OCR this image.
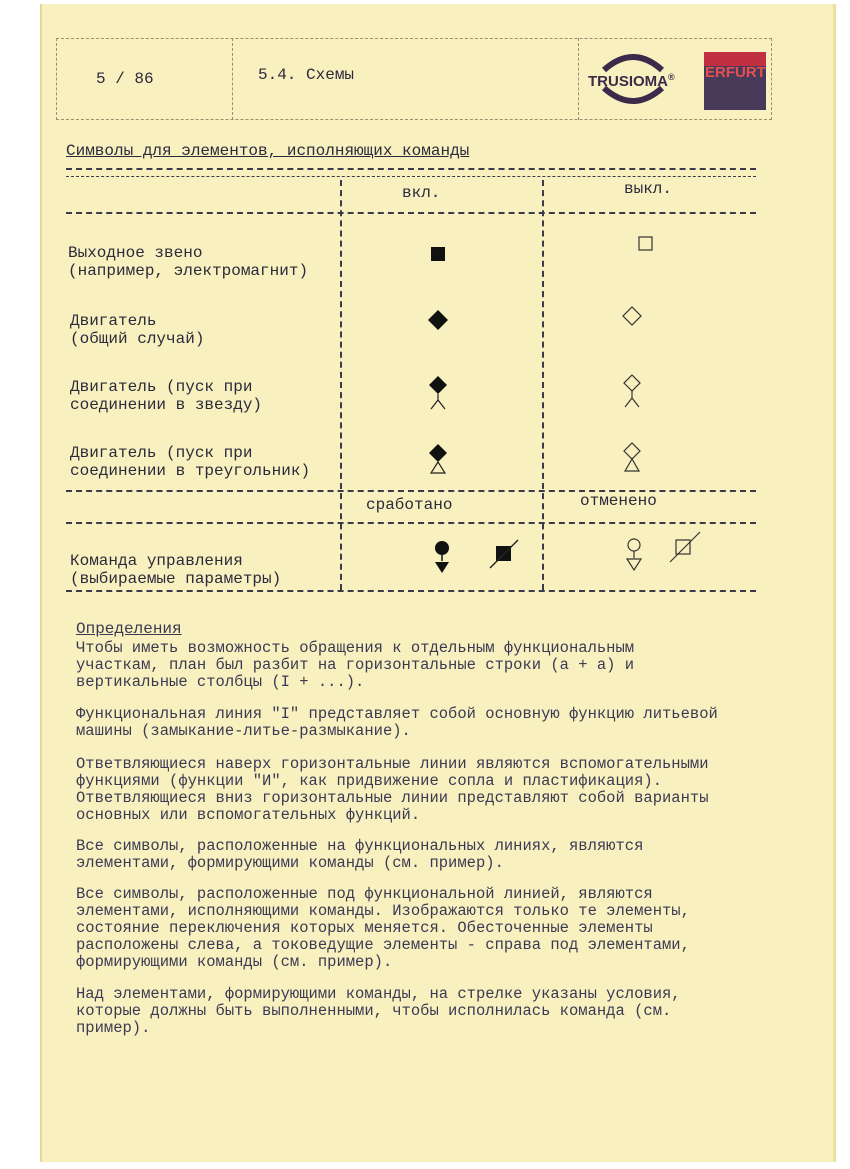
5 / 86	5.4. Схемы	TRUSIOMA® ERFURT
Символы для элементов, исполняющих команды
вкл.	выкл.
Выходное звено
(например, электромагнит)
Двигатель
(общий случай)
Двигатель (пуск при
соединении в звезду)
Двигатель (пуск при
соединении в треугольник)
сработано	отменено
Команда управления
(выбираемые параметры)
Определения
Чтобы иметь возможность обращения к отдельным функциональным
участкам, план был разбит на горизонтальные строки (а + а) и
вертикальные столбцы (I + ...).
Функциональная линия "I" представляет собой основную функцию литьевой
машины (замыкание-литье-размыкание).
Ответвляющиеся наверх горизонтальные линии являются вспомогательными
функциями (функции "И", как придвижение сопла и пластификация).
Ответвляющиеся вниз горизонтальные линии представляют собой варианты
основных или вспомогательных функций.
Все символы, расположенные на функциональных линиях, являются
элементами, формирующими команды (см. пример).
Все символы, расположенные под функциональной линией, являются
элементами, исполняющими команды. Изображаются только те элементы,
состояние переключения которых меняется. Обесточенные элементы
расположены слева, а токоведущие элементы - справа под элементами,
формирующими команды (см. пример).
Над элементами, формирующими команды, на стрелке указаны условия,
которые должны быть выполненными, чтобы исполнилась команда (см.
пример).
